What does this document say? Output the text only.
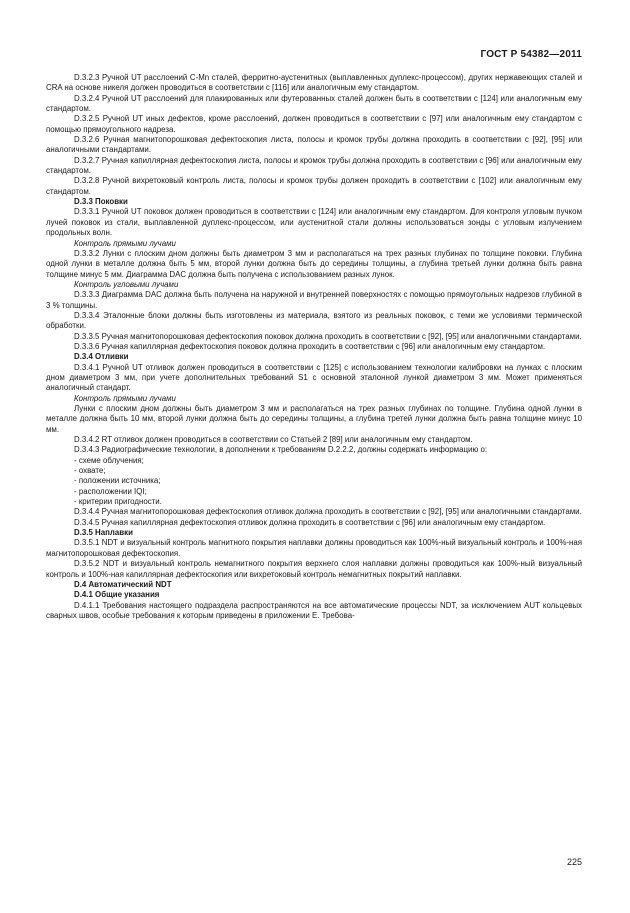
ГОСТ Р 54382—2011

D.3.2.3 Ручной UT расслоений C-Mn сталей, ферритно-аустенитных (выплавленных дуплекс-процессом), других нержавеющих сталей и CRA на основе никеля должен проводиться в соответствии с [116] или аналогичным ему стандартом.

D.3.2.4 Ручной UT расслоений для плакированных или футерованных сталей должен быть в соответствии с [124] или аналогичным ему стандартом.

D.3.2.5 Ручной UT иных дефектов, кроме расслоений, должен проводиться в соответствии с [97] или аналогичным ему стандартом с помощью прямоугольного надреза.

D.3.2.6 Ручная магнитопорошковая дефектоскопия листа, полосы и кромок трубы должна проходить в соответствии с [92], [95] или аналогичными стандартами.

D.3.2.7 Ручная капиллярная дефектоскопия листа, полосы и кромок трубы должна проходить в соответствии с [96] или аналогичным ему стандартом.

D.3.2.8 Ручной вихретоковый контроль листа, полосы и кромок трубы должен проходить в соответствии с [102] или аналогичным ему стандартом.

D.3.3 Поковки

D.3.3.1 Ручной UT поковок должен проводиться в соответствии с [124] или аналогичным ему стандартом. Для контроля угловым пучком лучей поковок из стали, выплавленной дуплекс-процессом, или аустенитной стали должны использоваться зонды с угловым излучением продольных волн.

Контроль прямыми лучами

D.3.3.2 Лунки с плоским дном должны быть диаметром 3 мм и располагаться на трех разных глубинах по толщине поковки. Глубина одной лунки в металле должна быть 5 мм, второй лунки должна быть до середины толщины, а глубина третьей лунки должна быть равна толщине минус 5 мм. Диаграмма DAC должна быть получена с использованием разных лунок.

Контроль угловыми лучами

D.3.3.3 Диаграмма DAC должна быть получена на наружной и внутренней поверхностях с помощью прямоугольных надрезов глубиной в 3 % толщины.

D.3.3.4 Эталонные блоки должны быть изготовлены из материала, взятого из реальных поковок, с теми же условиями термической обработки.

D.3.3.5 Ручная магнитопорошковая дефектоскопия поковок должна проходить в соответствии с [92], [95] или аналогичными стандартами.

D.3.3.6 Ручная капиллярная дефектоскопия поковок должна проходить в соответствии с [96] или аналогичным ему стандартом.

D.3.4 Отливки

D.3.4.1 Ручной UT отливок должен проводиться в соответствии с [125] с использованием технологии калибровки на лунках с плоским дном диаметром 3 мм, при учете дополнительных требований S1 с основной эталонной лункой диаметром 3 мм. Может применяться аналогичный стандарт.

Контроль прямыми лучами

Лунки с плоским дном должны быть диаметром 3 мм и располагаться на трех разных глубинах по толщине. Глубина одной лунки в металле должна быть 10 мм, второй лунки должна быть до середины толщины, а глубина третей лунки должна быть равна толщине минус 10 мм.

D.3.4.2 RT отливок должен проводиться в соответствии со Статьей 2 [89] или аналогичным ему стандартом.

D.3.4.3 Радиографические технологии, в дополнении к требованиям D.2.2.2, должны содержать информацию о:

- схеме облучения;

- охвате;

- положении источника;

- расположении IQI;

- критерии пригодности.

D.3.4.4 Ручная магнитопорошковая дефектоскопия отливок должна проходить в соответствии с [92], [95] или аналогичными стандартами.

D.3.4.5 Ручная капиллярная дефектоскопия отливок должна проходить в соответствии с [96] или аналогичным ему стандартом.

D.3.5 Наплавки

D.3.5.1 NDT и визуальный контроль магнитного покрытия наплавки должны проводиться как 100%-ный визуальный контроль и 100%-ная магнитопорошковая дефектоскопия.

D.3.5.2 NDT и визуальный контроль немагнитного покрытия верхнего слоя наплавки должны проводиться как 100%-ный визуальный контроль и 100%-ная капиллярная дефектоскопия или вихретоковый контроль немагнитных покрытий наплавки.

D.4 Автоматический NDT

D.4.1 Общие указания

D.4.1.1 Требования настоящего подраздела распространяются на все автоматические процессы NDT, за исключением AUT кольцевых сварных швов, особые требования к которым приведены в приложении Е. Требова-

225
